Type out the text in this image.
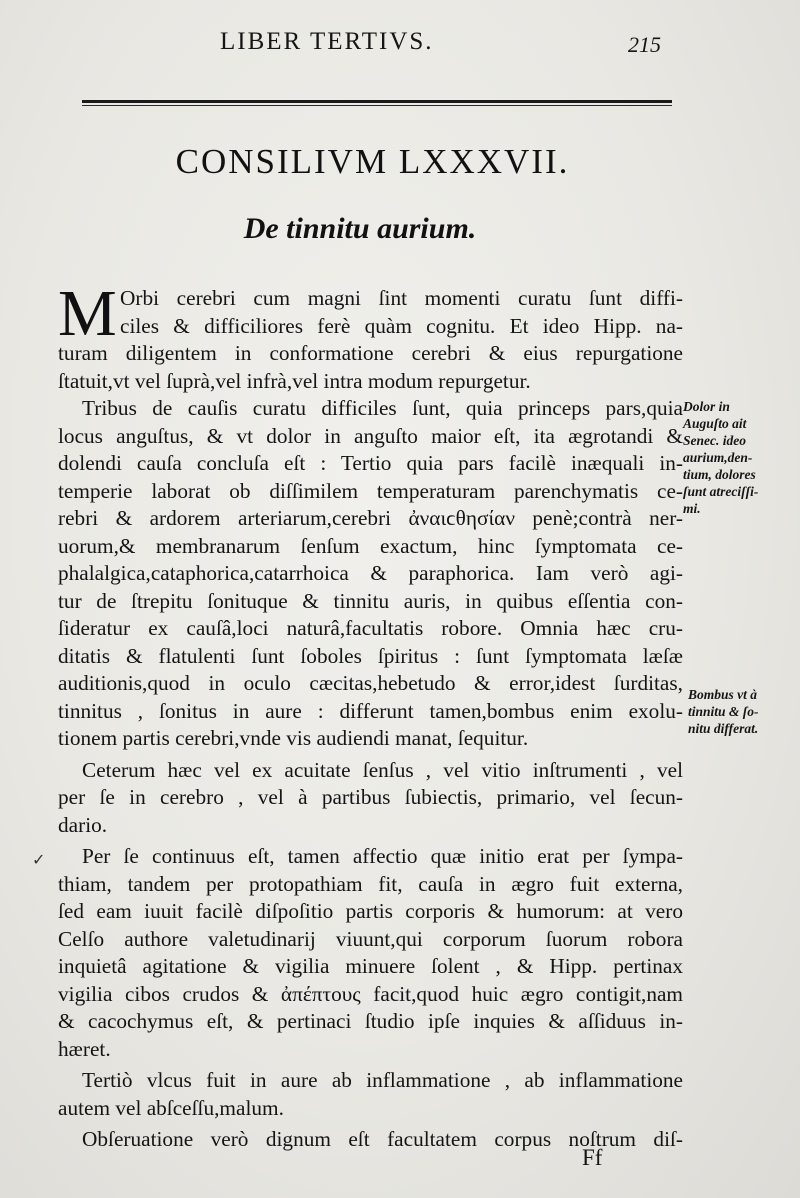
LIBER TERTIVS.	215
CONSILIVM LXXXVII.
De tinnitu aurium.
M Orbi cerebri cum magni ſint momenti curatu ſunt diffi-
ciles & difficiliores ferè quàm cognitu. Et ideo Hipp. na-
turam diligentem in conformatione cerebri & eius repurgatione
ſtatuit,vt vel ſuprà,vel infrà,vel intra modum repurgetur.
Tribus de cauſis curatu difficiles ſunt, quia princeps pars,quia
locus anguſtus, & vt dolor in anguſto maior eſt, ita ægrotandi &
dolendi cauſa concluſa eſt : Tertio quia pars facilè inæquali in-
temperie laborat ob diſſimilem temperaturam parenchymatis ce-
rebri & ardorem arteriarum,cerebri ἀναιϲθησίαν penè;contrà ner-
uorum,& membranarum ſenſum exactum, hinc ſymptomata ce-
phalalgica,cataphorica,catarrhoica & paraphorica. Iam verò agi-
tur de ſtrepitu ſonituque & tinnitu auris, in quibus eſſentia con-
ſideratur ex cauſâ,loci naturâ,facultatis robore. Omnia hæc cru-
ditatis & flatulenti ſunt ſoboles ſpiritus : ſunt ſymptomata læſæ
auditionis,quod in oculo cæcitas,hebetudo & error,idest ſurditas,
tinnitus , ſonitus in aure : differunt tamen,bombus enim exolu-
tionem partis cerebri,vnde vis audiendi manat, ſequitur.
Ceterum hæc vel ex acuitate ſenſus , vel vitio inſtrumenti , vel
per ſe in cerebro , vel à partibus ſubiectis, primario, vel ſecun-
dario.
Per ſe continuus eſt, tamen affectio quæ initio erat per ſympa-
thiam, tandem per protopathiam fit, cauſa in ægro fuit externa,
ſed eam iuuit facilè diſpoſitio partis corporis & humorum: at vero
Celſo authore valetudinarij viuunt,qui corporum ſuorum robora
inquietâ agitatione & vigilia minuere ſolent , & Hipp. pertinax
vigilia cibos crudos & ἀπέπτους facit,quod huic ægro contigit,nam
& cacochymus eſt, & pertinaci ſtudio ipſe inquies & aſſiduus in-
hæret.
Tertiò vlcus fuit in aure ab inflammatione , ab inflammatione
autem vel abſceſſu,malum.
Obſeruatione verò dignum eſt facultatem corpus noſtrum diſ-
Dolor in
Auguſto ait
Senec. ideo
aurium,den-
tium, dolores
ſunt atreciſſi-
mi.
Bombus vt à
tinnitu & ſo-
nitu differat.
✓
Ff
